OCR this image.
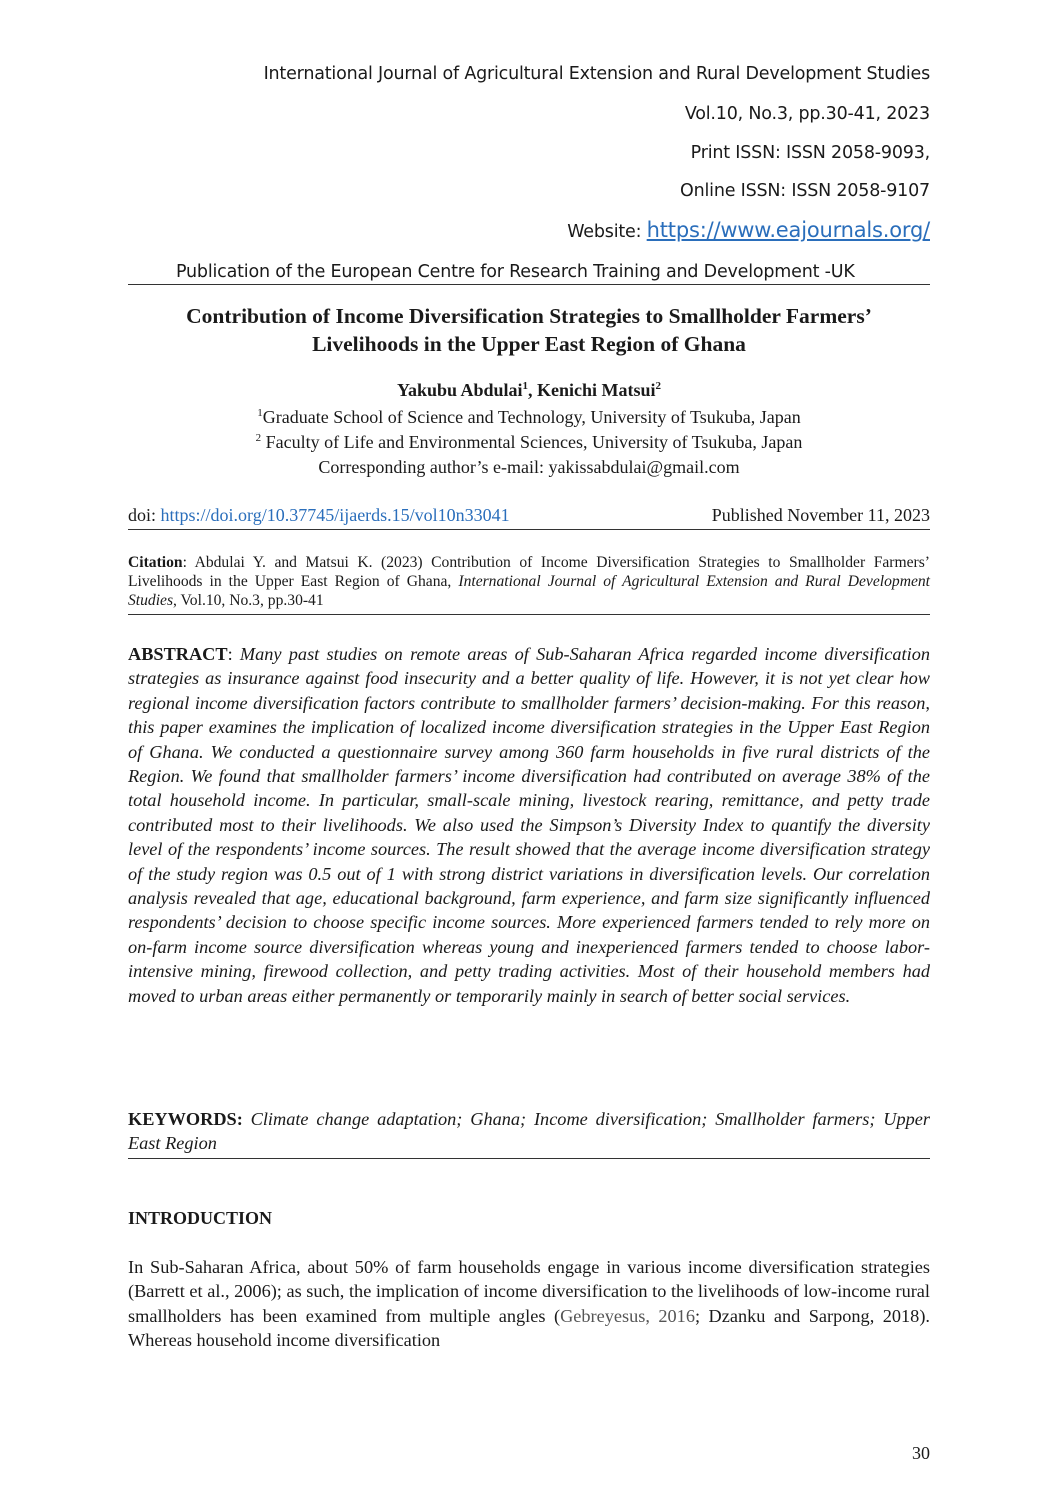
International Journal of Agricultural Extension and Rural Development Studies
Vol.10, No.3, pp.30-41, 2023
Print ISSN: ISSN 2058-9093,
Online ISSN: ISSN 2058-9107
Website: https://www.eajournals.org/
Publication of the European Centre for Research Training and Development -UK
Contribution of Income Diversification Strategies to Smallholder Farmers’
Livelihoods in the Upper East Region of Ghana
Yakubu Abdulai$^1$, Kenichi Matsui$^2$
$^1$Graduate School of Science and Technology, University of Tsukuba, Japan
$^2$ Faculty of Life and Environmental Sciences, University of Tsukuba, Japan
Corresponding author’s e-mail: yakissabdulai@gmail.com
doi: https://doi.org/10.37745/ijaerds.15/vol10n33041	Published November 11, 2023
Citation: Abdulai Y. and Matsui K. (2023) Contribution of Income Diversification Strategies to Smallholder Farmers’ Livelihoods in the Upper East Region of Ghana, International Journal of Agricultural Extension and Rural Development Studies, Vol.10, No.3, pp.30-41
ABSTRACT: Many past studies on remote areas of Sub-Saharan Africa regarded income diversification strategies as insurance against food insecurity and a better quality of life. However, it is not yet clear how regional income diversification factors contribute to smallholder farmers’ decision-making. For this reason, this paper examines the implication of localized income diversification strategies in the Upper East Region of Ghana. We conducted a questionnaire survey among 360 farm households in five rural districts of the Region. We found that smallholder farmers’ income diversification had contributed on average 38% of the total household income. In particular, small-scale mining, livestock rearing, remittance, and petty trade contributed most to their livelihoods. We also used the Simpson’s Diversity Index to quantify the diversity level of the respondents’ income sources. The result showed that the average income diversification strategy of the study region was 0.5 out of 1 with strong district variations in diversification levels. Our correlation analysis revealed that age, educational background, farm experience, and farm size significantly influenced respondents’ decision to choose specific income sources. More experienced farmers tended to rely more on on-farm income source diversification whereas young and inexperienced farmers tended to choose labor-intensive mining, firewood collection, and petty trading activities. Most of their household members had moved to urban areas either permanently or temporarily mainly in search of better social services.
KEYWORDS: Climate change adaptation; Ghana; Income diversification; Smallholder farmers; Upper East Region
INTRODUCTION
In Sub-Saharan Africa, about 50% of farm households engage in various income diversification strategies (Barrett et al., 2006); as such, the implication of income diversification to the livelihoods of low-income rural smallholders has been examined from multiple angles (Gebreyesus, 2016; Dzanku and Sarpong, 2018). Whereas household income diversification
30
